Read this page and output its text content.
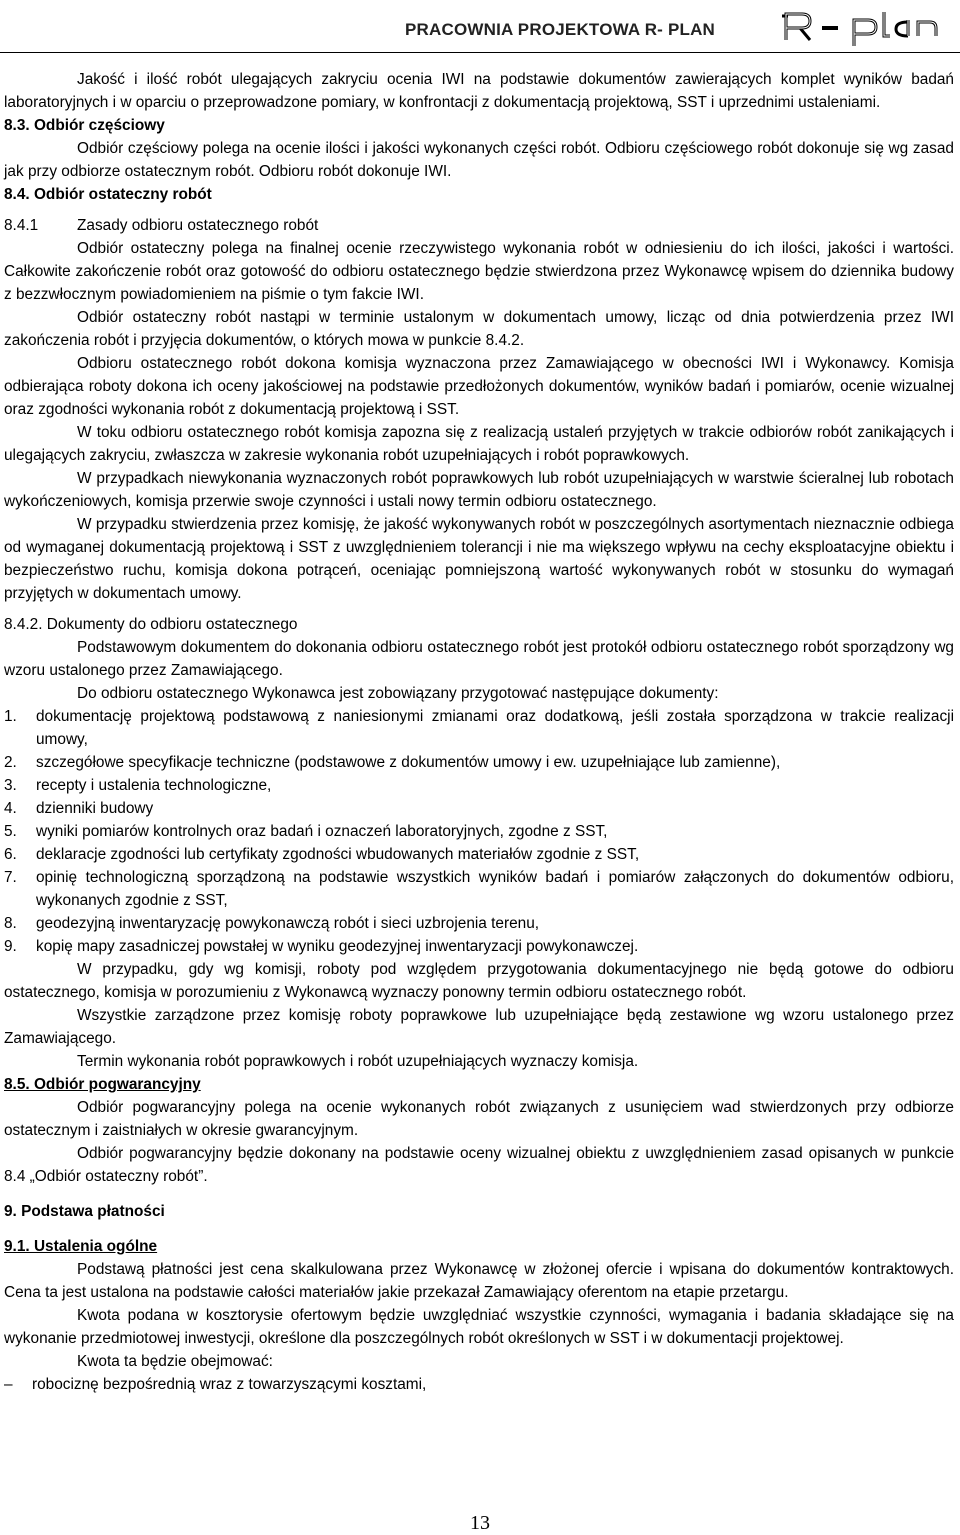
PRACOWNIA PROJEKTOWA R- PLAN

Jakość i ilość robót ulegających zakryciu ocenia IWI na podstawie dokumentów zawierających komplet wyników badań laboratoryjnych i w oparciu o przeprowadzone pomiary, w konfrontacji z dokumentacją projektową, SST i uprzednimi ustaleniami.

8.3. Odbiór częściowy

Odbiór częściowy polega na ocenie ilości i jakości wykonanych części robót. Odbioru częściowego robót dokonuje się wg zasad jak przy odbiorze ostatecznym robót. Odbioru robót dokonuje IWI.

8.4. Odbiór ostateczny robót

8.4.1	Zasady odbioru ostatecznego robót

Odbiór ostateczny polega na finalnej ocenie rzeczywistego wykonania robót w odniesieniu do ich ilości, jakości i wartości. Całkowite zakończenie robót oraz gotowość do odbioru ostatecznego będzie stwierdzona przez Wykonawcę wpisem do dziennika budowy z bezzwłocznym powiadomieniem na piśmie o tym fakcie IWI.

Odbiór ostateczny robót nastąpi w terminie ustalonym w dokumentach umowy, licząc od dnia potwierdzenia przez IWI zakończenia robót i przyjęcia dokumentów, o których mowa w punkcie 8.4.2.

Odbioru ostatecznego robót dokona komisja wyznaczona przez Zamawiającego w obecności IWI i Wykonawcy. Komisja odbierająca roboty dokona ich oceny jakościowej na podstawie przedłożonych dokumentów, wyników badań i pomiarów, ocenie wizualnej oraz zgodności wykonania robót z dokumentacją projektową i SST.

W toku odbioru ostatecznego robót komisja zapozna się z realizacją ustaleń przyjętych w trakcie odbiorów robót zanikających i ulegających zakryciu, zwłaszcza w zakresie wykonania robót uzupełniających i robót poprawkowych.

W przypadkach niewykonania wyznaczonych robót poprawkowych lub robót uzupełniających w warstwie ścieralnej lub robotach wykończeniowych, komisja przerwie swoje czynności i ustali nowy termin odbioru ostatecznego.

W przypadku stwierdzenia przez komisję, że jakość wykonywanych robót w poszczególnych asortymentach nieznacznie odbiega od wymaganej dokumentacją projektową i SST z uwzględnieniem tolerancji i nie ma większego wpływu na cechy eksploatacyjne obiektu i bezpieczeństwo ruchu, komisja dokona potrąceń, oceniając pomniejszoną wartość wykonywanych robót w stosunku do wymagań przyjętych w dokumentach umowy.

8.4.2. Dokumenty do odbioru ostatecznego

Podstawowym dokumentem do dokonania odbioru ostatecznego robót jest protokół odbioru ostatecznego robót sporządzony wg wzoru ustalonego przez Zamawiającego.

Do odbioru ostatecznego Wykonawca jest zobowiązany przygotować następujące dokumenty:

1.	dokumentację projektową podstawową z naniesionymi zmianami oraz dodatkową, jeśli została sporządzona w trakcie realizacji umowy,
2.	szczegółowe specyfikacje techniczne (podstawowe z dokumentów umowy i ew. uzupełniające lub zamienne),
3.	recepty i ustalenia technologiczne,
4.	dzienniki budowy
5.	wyniki pomiarów kontrolnych oraz badań i oznaczeń laboratoryjnych, zgodne z SST,
6.	deklaracje zgodności lub certyfikaty zgodności wbudowanych materiałów zgodnie z SST,
7.	opinię technologiczną sporządzoną na podstawie wszystkich wyników badań i pomiarów załączonych do dokumentów odbioru, wykonanych zgodnie z SST,
8.	geodezyjną inwentaryzację powykonawczą robót i sieci uzbrojenia terenu,
9.	kopię mapy zasadniczej powstałej w wyniku geodezyjnej inwentaryzacji powykonawczej.

W przypadku, gdy wg komisji, roboty pod względem przygotowania dokumentacyjnego nie będą gotowe do odbioru ostatecznego, komisja w porozumieniu z Wykonawcą wyznaczy ponowny termin odbioru ostatecznego robót.

Wszystkie zarządzone przez komisję roboty poprawkowe lub uzupełniające będą zestawione wg wzoru ustalonego przez Zamawiającego.

Termin wykonania robót poprawkowych i robót uzupełniających wyznaczy komisja.

8.5. Odbiór pogwarancyjny

Odbiór pogwarancyjny polega na ocenie wykonanych robót związanych z usunięciem wad stwierdzonych przy odbiorze ostatecznym i zaistniałych w okresie gwarancyjnym.

Odbiór pogwarancyjny będzie dokonany na podstawie oceny wizualnej obiektu z uwzględnieniem zasad opisanych w punkcie 8.4 „Odbiór ostateczny robót”.

9. Podstawa płatności

9.1. Ustalenia ogólne

Podstawą płatności jest cena skalkulowana przez Wykonawcę w złożonej ofercie i wpisana do dokumentów kontraktowych. Cena ta jest ustalona na podstawie całości materiałów jakie przekazał Zamawiający oferentom na etapie przetargu.

Kwota podana w kosztorysie ofertowym będzie uwzględniać wszystkie czynności, wymagania i badania składające się na wykonanie przedmiotowej inwestycji, określone dla poszczególnych robót określonych w SST i w dokumentacji projektowej.

Kwota ta będzie obejmować:

–	robociznę bezpośrednią wraz z towarzyszącymi kosztami,
13
